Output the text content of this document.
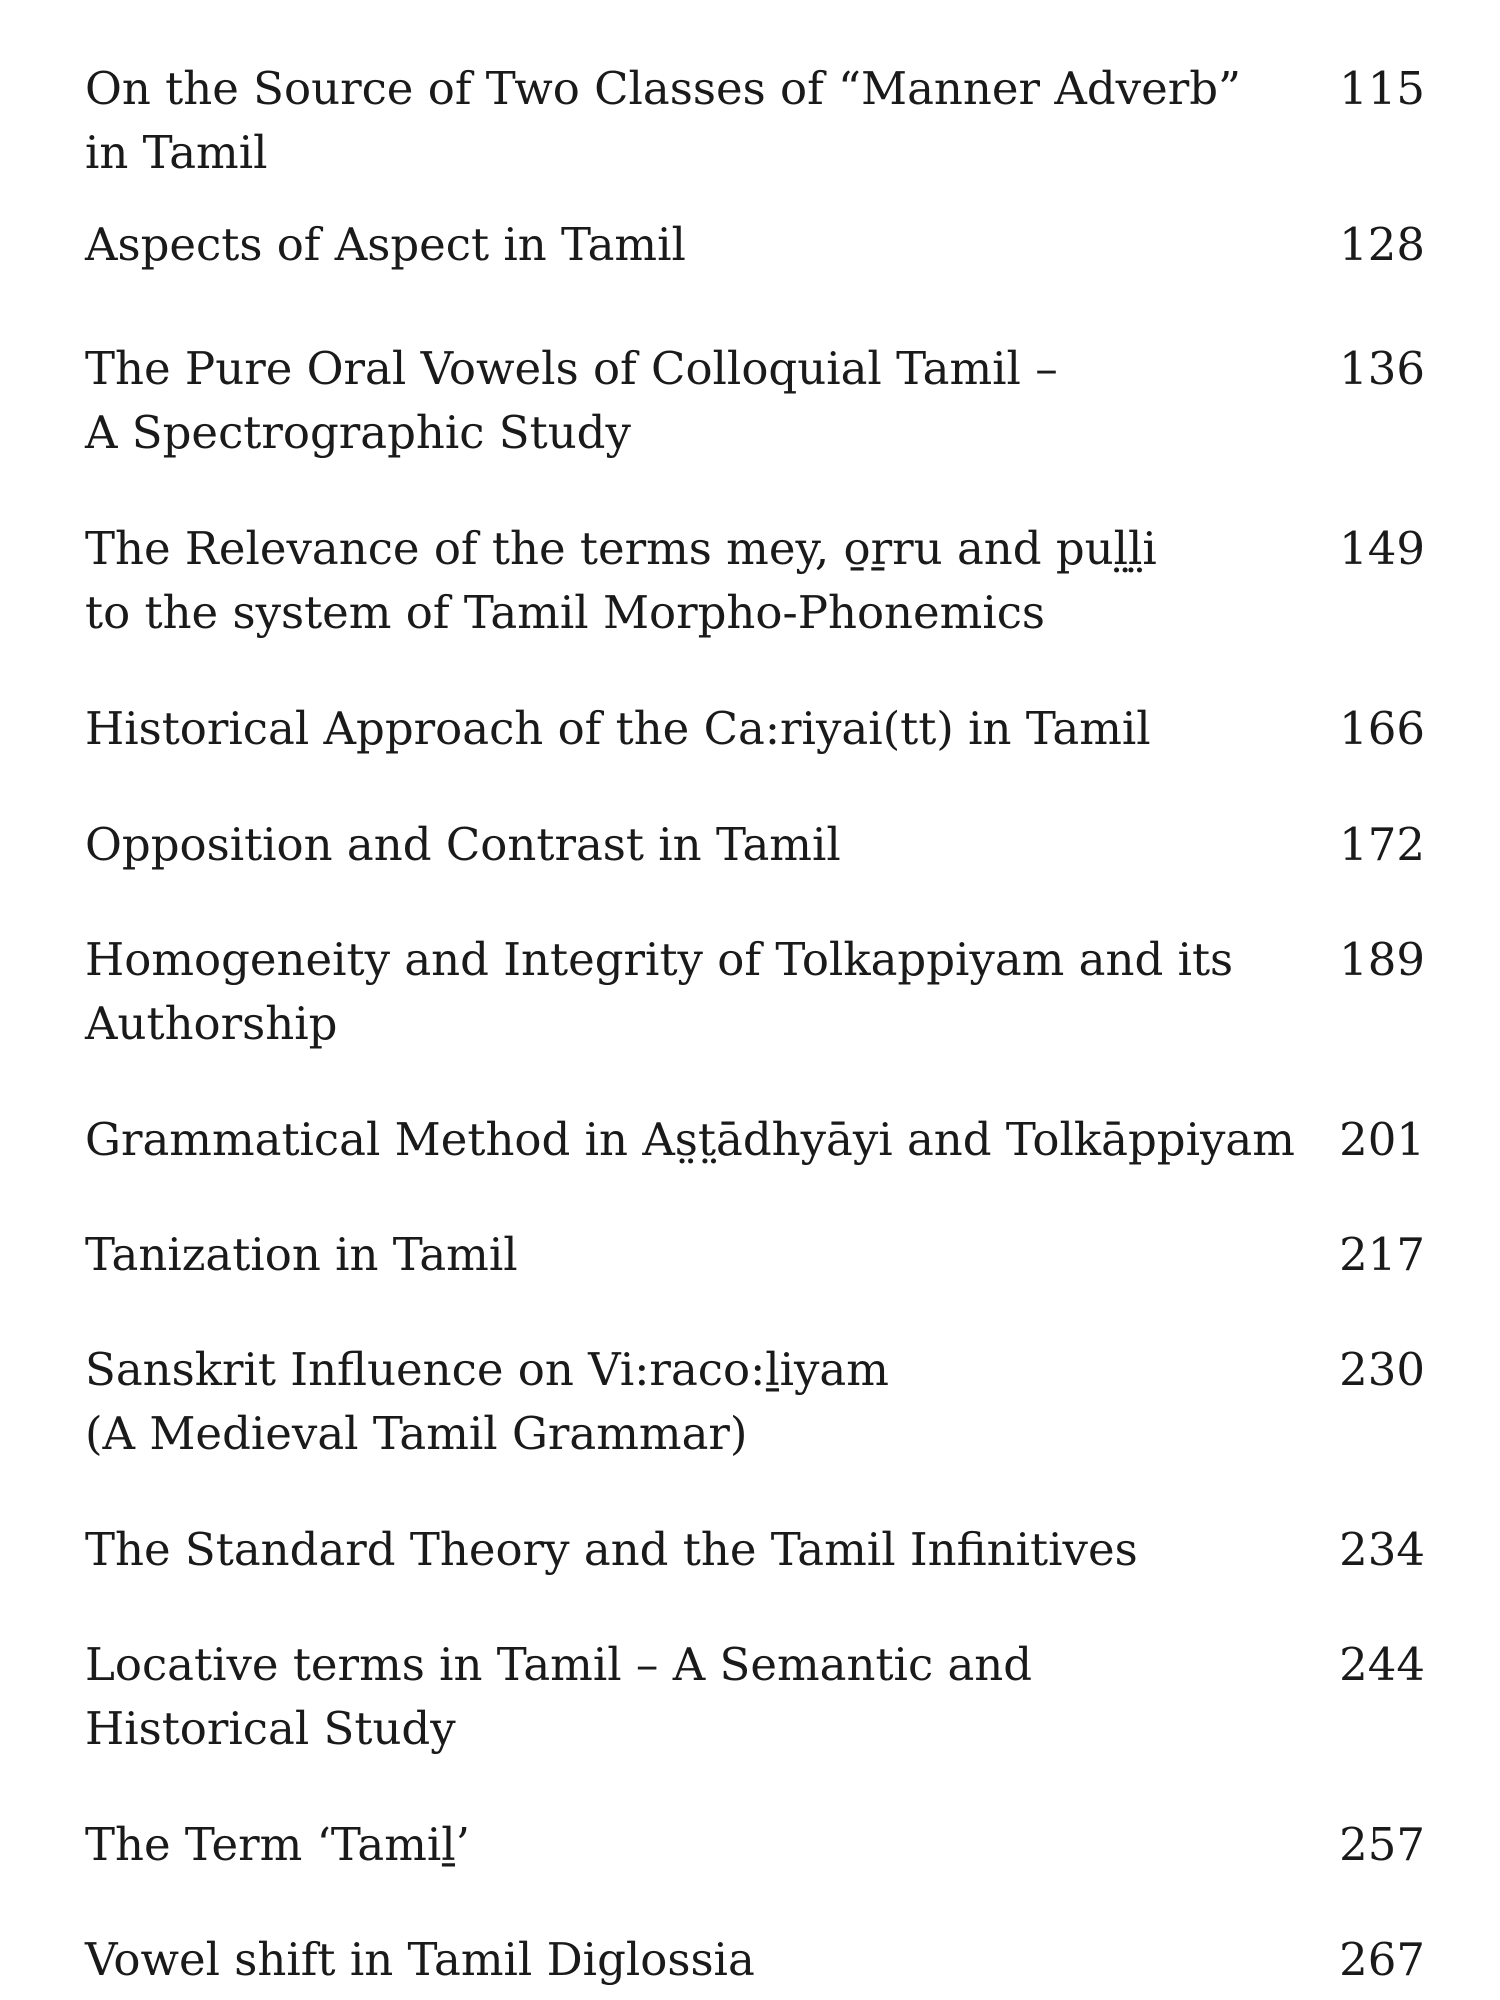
On the Source of Two Classes of “Manner Adverb”
in Tamil
115
Aspects of Aspect in Tamil	128
The Pure Oral Vowels of Colloquial Tamil –
A Spectrographic Study
136
The Relevance of the terms mey, o̱ṟru and pul̤l̤i
to the system of Tamil Morpho-Phonemics
149
Historical Approach of the Ca:riyai(tt) in Tamil	166
Opposition and Contrast in Tamil	172
Homogeneity and Integrity of Tolkappiyam and its
Authorship
189
Grammatical Method in As̤t̤ādhyāyi and Tolkāppiyam 201
Tanization in Tamil	217
Sanskrit Influence on Vi:raco:ḻiyam
(A Medieval Tamil Grammar)
230
The Standard Theory and the Tamil Infinitives	234
Locative terms in Tamil – A Semantic and
Historical Study
244
The Term ‘Tamiḻ’	257
Vowel shift in Tamil Diglossia	267
